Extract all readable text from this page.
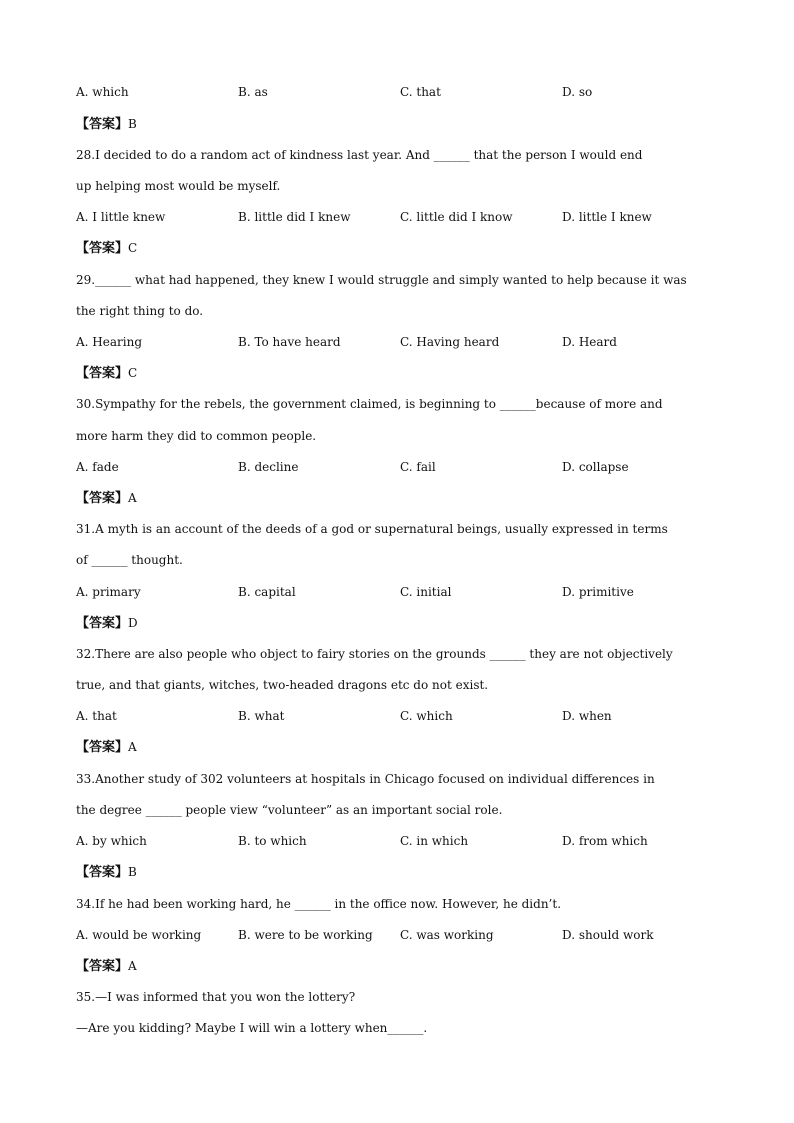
A. which	B. as	C. that	D. so
【答案】B
28.I decided to do a random act of kindness last year. And ______ that the person I would end
up helping most would be myself.
A. I little knew	B. little did I knew	C. little did I know	D. little I knew
【答案】C
29.______ what had happened, they knew I would struggle and simply wanted to help because it was
the right thing to do.
A. Hearing	B. To have heard	C. Having heard	D. Heard
【答案】C
30.Sympathy for the rebels, the government claimed, is beginning to ______because of more and
more harm they did to common people.
A. fade	B. decline	C. fail	D. collapse
【答案】A
31.A myth is an account of the deeds of a god or supernatural beings, usually expressed in terms
of ______ thought.
A. primary	B. capital	C. initial	D. primitive
【答案】D
32.There are also people who object to fairy stories on the grounds ______ they are not objectively
true, and that giants, witches, two-headed dragons etc do not exist.
A. that	B. what	C. which	D. when
【答案】A
33.Another study of 302 volunteers at hospitals in Chicago focused on individual differences in
the degree ______ people view “volunteer” as an important social role.
A. by which	B. to which	C. in which	D. from which
【答案】B
34.If he had been working hard, he ______ in the office now. However, he didn’t.
A. would be working	B. were to be working C. was working	D. should work
【答案】A
35.—I was informed that you won the lottery?
—Are you kidding? Maybe I will win a lottery when______.
